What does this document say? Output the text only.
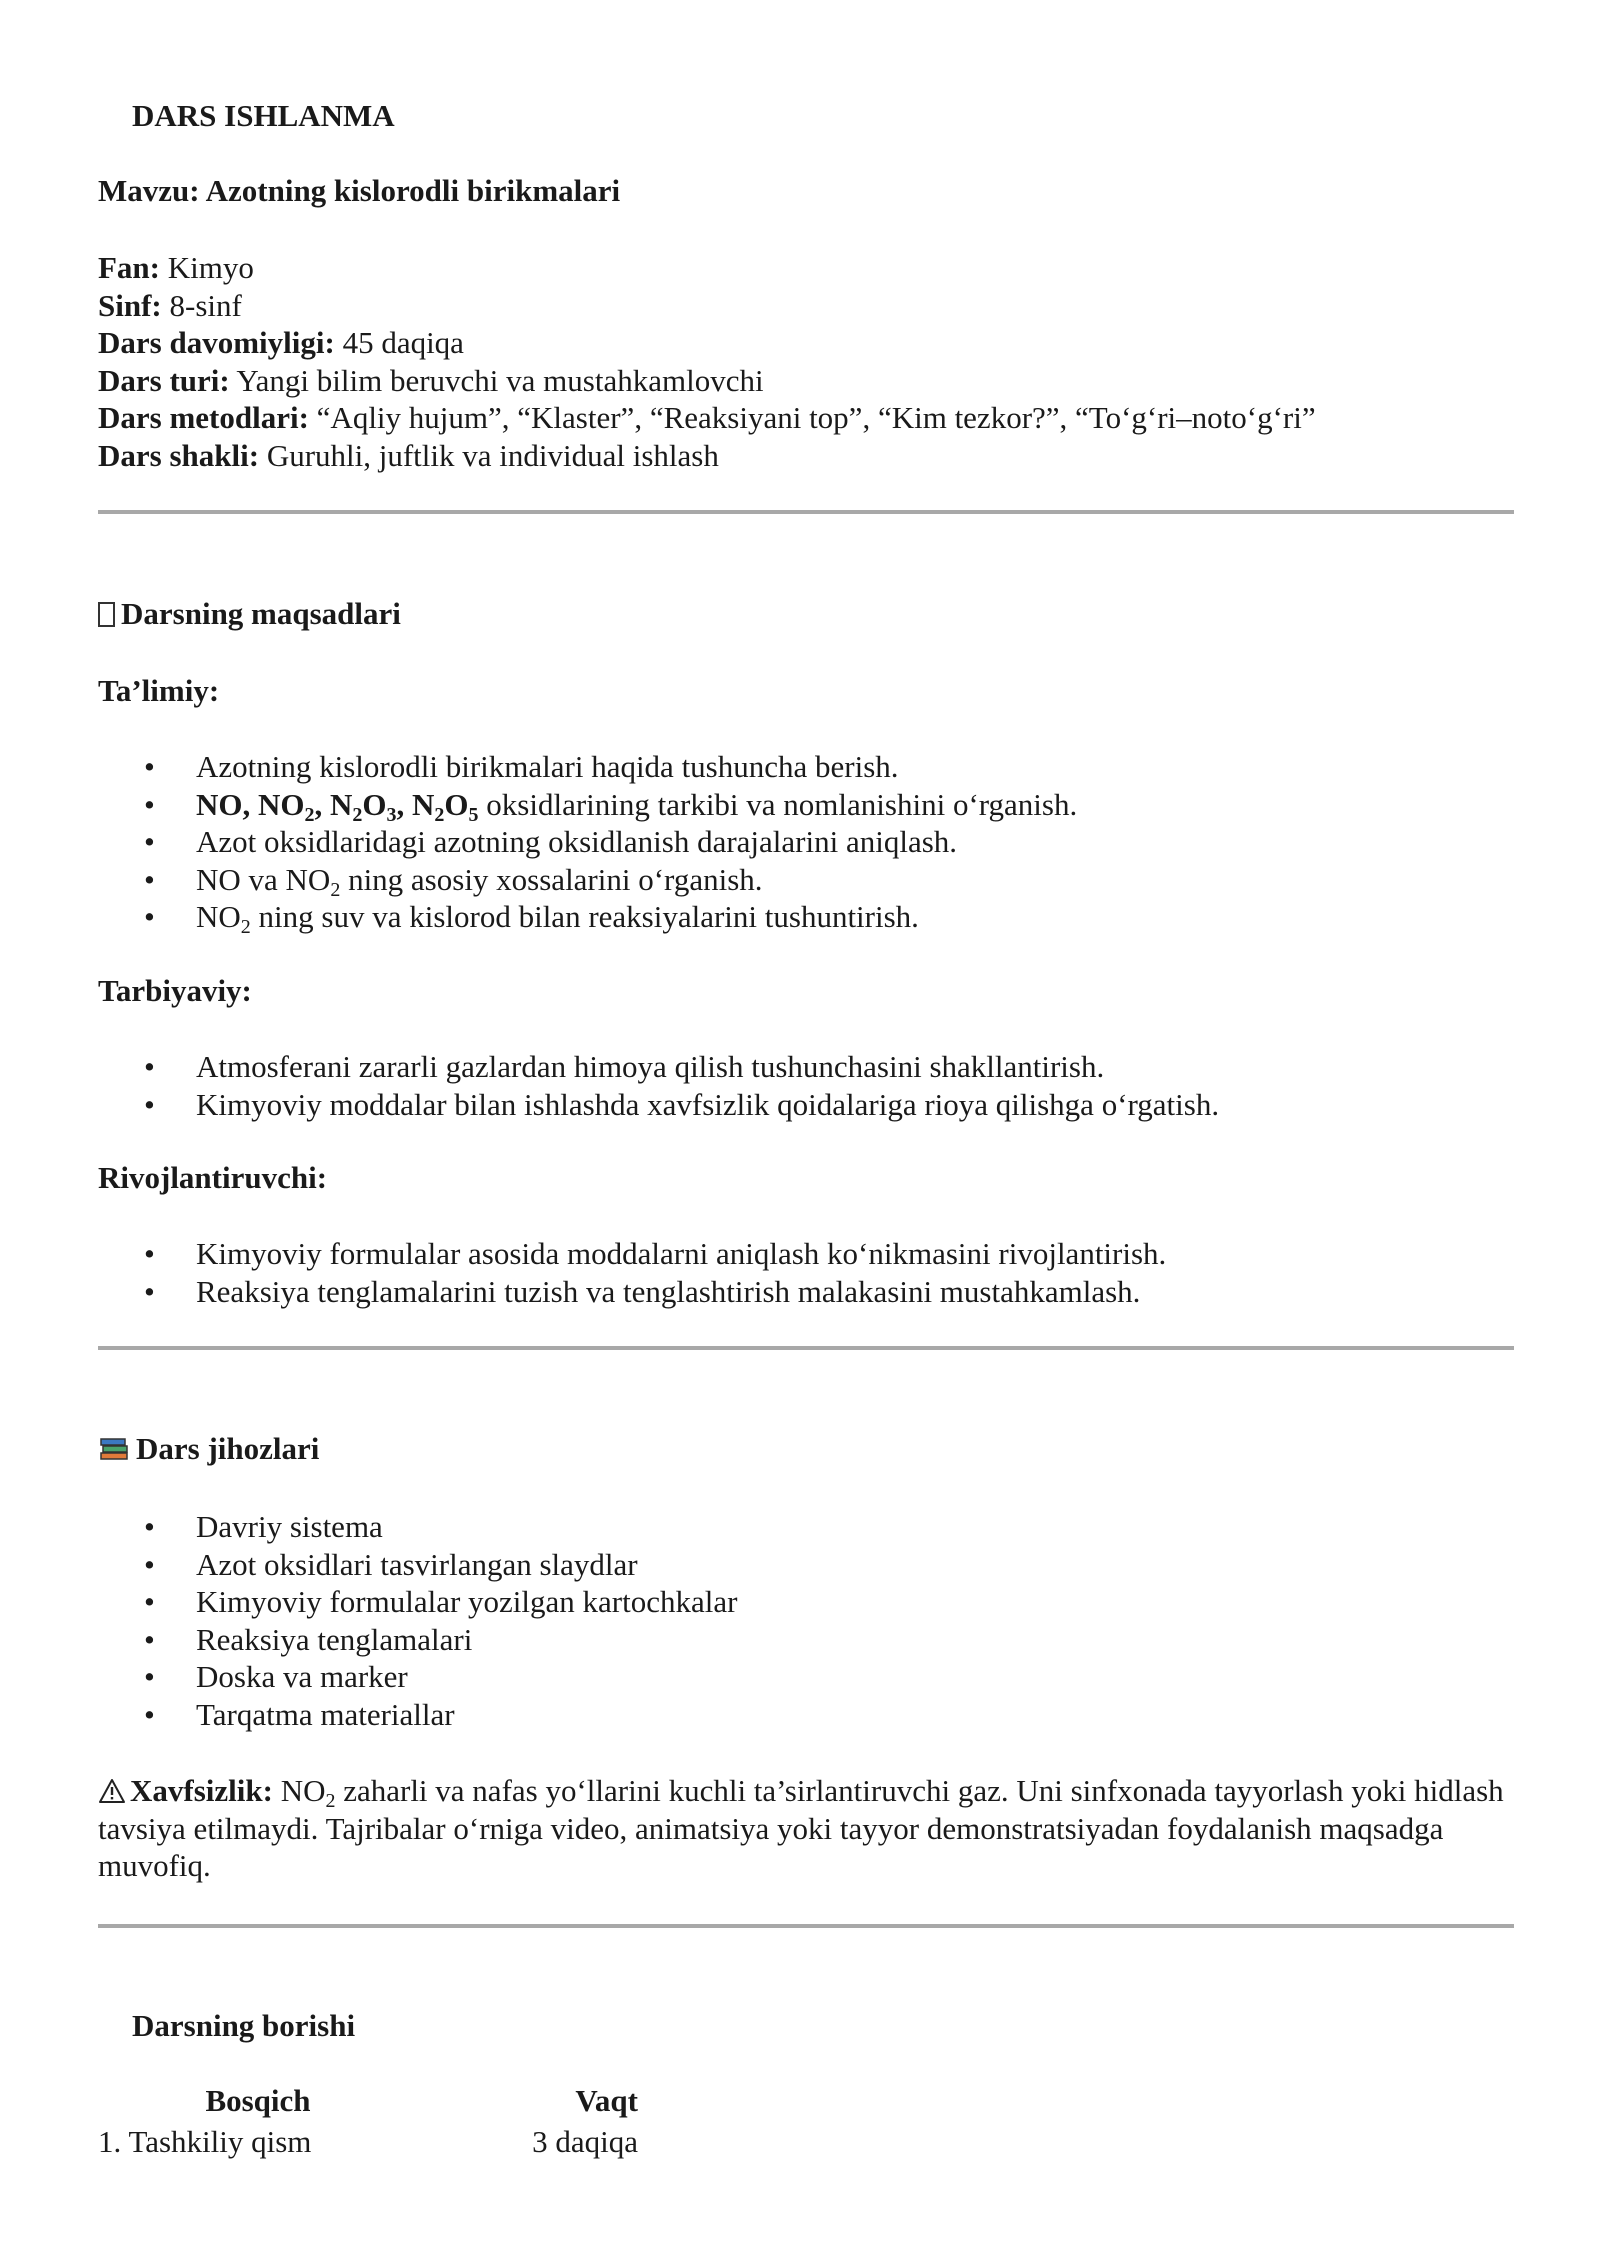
DARS ISHLANMA
Mavzu: Azotning kislorodli birikmalari
Fan: Kimyo
Sinf: 8-sinf
Dars davomiyligi: 45 daqiqa
Dars turi: Yangi bilim beruvchi va mustahkamlovchi
Dars metodlari: “Aqliy hujum”, “Klaster”, “Reaksiyani top”, “Kim tezkor?”, “To‘g‘ri–noto‘g‘ri”
Dars shakli: Guruhli, juftlik va individual ishlash
Darsning maqsadlari
Ta’limiy:
• Azotning kislorodli birikmalari haqida tushuncha berish.
• NO, $NO_2$, $N_2O_3$, $N_2O_5$ oksidlarining tarkibi va nomlanishini o‘rganish.
• Azot oksidlaridagi azotning oksidlanish darajalarini aniqlash.
• NO va $NO_2$ ning asosiy xossalarini o‘rganish.
• $NO_2$ ning suv va kislorod bilan reaksiyalarini tushuntirish.
Tarbiyaviy:
• Atmosferani zararli gazlardan himoya qilish tushunchasini shakllantirish.
• Kimyoviy moddalar bilan ishlashda xavfsizlik qoidalariga rioya qilishga o‘rgatish.
Rivojlantiruvchi:
• Kimyoviy formulalar asosida moddalarni aniqlash ko‘nikmasini rivojlantirish.
• Reaksiya tenglamalarini tuzish va tenglashtirish malakasini mustahkamlash.
Dars jihozlari
• Davriy sistema
• Azot oksidlari tasvirlangan slaydlar
• Kimyoviy formulalar yozilgan kartochkalar
• Reaksiya tenglamalari
• Doska va marker
• Tarqatma materiallar

Xavfsizlik: $NO_2$ zaharli va nafas yo‘llarini kuchli ta’sirlantiruvchi gaz. Uni sinfxonada tayyorlash yoki hidlash tavsiya etilmaydi. Tajribalar o‘rniga video, animatsiya yoki tayyor demonstratsiyadan foydalanish maqsadga muvofiq.

Darsning borishi
Bosqich	Vaqt
1. Tashkiliy qism	3 daqiqa
